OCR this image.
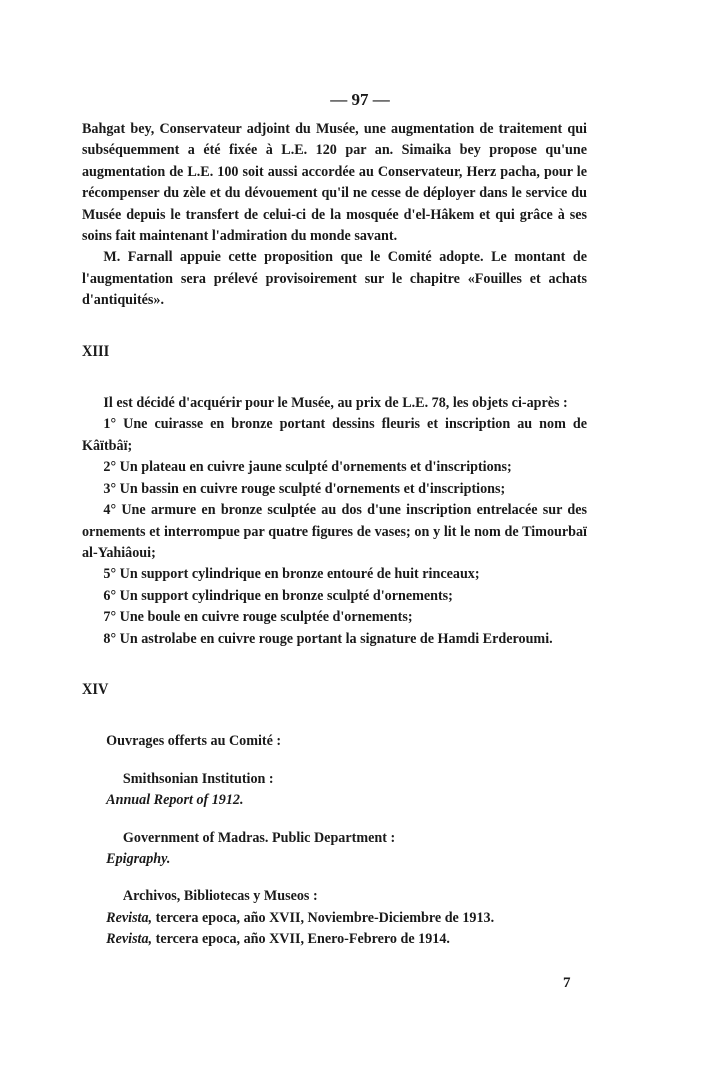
— 97 —

Bahgat bey, Conservateur adjoint du Musée, une augmentation de traitement qui subséquemment a été fixée à L.E. 120 par an. Simaika bey propose qu'une augmentation de L.E. 100 soit aussi accordée au Conservateur, Herz pacha, pour le récompenser du zèle et du dévouement qu'il ne cesse de déployer dans le service du Musée depuis le transfert de celui-ci de la mosquée d'el-Hâkem et qui grâce à ses soins fait maintenant l'admiration du monde savant.

M. Farnall appuie cette proposition que le Comité adopte. Le montant de l'augmentation sera prélevé provisoirement sur le chapitre «Fouilles et achats d'antiquités».

XIII

Il est décidé d'acquérir pour le Musée, au prix de L.E. 78, les objets ci-après :

1° Une cuirasse en bronze portant dessins fleuris et inscription au nom de Kâïtbâï;

2° Un plateau en cuivre jaune sculpté d'ornements et d'inscriptions;

3° Un bassin en cuivre rouge sculpté d'ornements et d'inscriptions;

4° Une armure en bronze sculptée au dos d'une inscription entrelacée sur des ornements et interrompue par quatre figures de vases; on y lit le nom de Timourbaï al-Yahiâoui;

5° Un support cylindrique en bronze entouré de huit rinceaux;

6° Un support cylindrique en bronze sculpté d'ornements;

7° Une boule en cuivre rouge sculptée d'ornements;

8° Un astrolabe en cuivre rouge portant la signature de Hamdi Erderoumi.

XIV

Ouvrages offerts au Comité :

Smithsonian Institution :

Annual Report of 1912.

Government of Madras. Public Department :

Epigraphy.

Archivos, Bibliotecas y Museos :

Revista, tercera epoca, año XVII, Noviembre-Diciembre de 1913.

Revista, tercera epoca, año XVII, Enero-Febrero de 1914.

7
